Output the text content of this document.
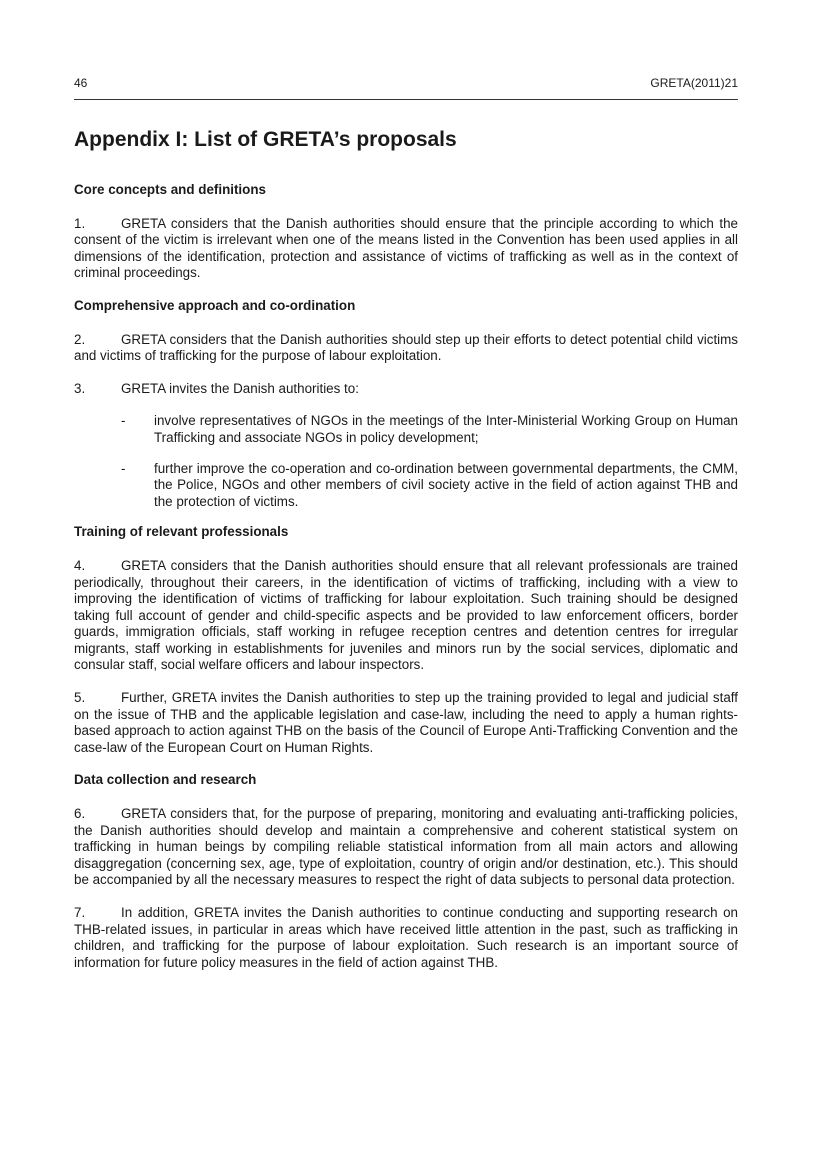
46	GRETA(2011)21
Appendix I: List of GRETA’s proposals
Core concepts and definitions

1.	GRETA considers that the Danish authorities should ensure that the principle according to which the consent of the victim is irrelevant when one of the means listed in the Convention has been used applies in all dimensions of the identification, protection and assistance of victims of trafficking as well as in the context of criminal proceedings.

Comprehensive approach and co-ordination

2.	GRETA considers that the Danish authorities should step up their efforts to detect potential child victims and victims of trafficking for the purpose of labour exploitation.

3.	GRETA invites the Danish authorities to:

- involve representatives of NGOs in the meetings of the Inter-Ministerial Working Group on Human Trafficking and associate NGOs in policy development;
- further improve the co-operation and co-ordination between governmental departments, the CMM, the Police, NGOs and other members of civil society active in the field of action against THB and the protection of victims.
Training of relevant professionals

4.	GRETA considers that the Danish authorities should ensure that all relevant professionals are trained periodically, throughout their careers, in the identification of victims of trafficking, including with a view to improving the identification of victims of trafficking for labour exploitation. Such training should be designed taking full account of gender and child-specific aspects and be provided to law enforcement officers, border guards, immigration officials, staff working in refugee reception centres and detention centres for irregular migrants, staff working in establishments for juveniles and minors run by the social services, diplomatic and consular staff, social welfare officers and labour inspectors.

5.	Further, GRETA invites the Danish authorities to step up the training provided to legal and judicial staff on the issue of THB and the applicable legislation and case-law, including the need to apply a human rights-based approach to action against THB on the basis of the Council of Europe Anti-Trafficking Convention and the case-law of the European Court on Human Rights.

Data collection and research

6.	GRETA considers that, for the purpose of preparing, monitoring and evaluating anti-trafficking policies, the Danish authorities should develop and maintain a comprehensive and coherent statistical system on trafficking in human beings by compiling reliable statistical information from all main actors and allowing disaggregation (concerning sex, age, type of exploitation, country of origin and/or destination, etc.). This should be accompanied by all the necessary measures to respect the right of data subjects to personal data protection.

7.	In addition, GRETA invites the Danish authorities to continue conducting and supporting research on THB-related issues, in particular in areas which have received little attention in the past, such as trafficking in children, and trafficking for the purpose of labour exploitation. Such research is an important source of information for future policy measures in the field of action against THB.
